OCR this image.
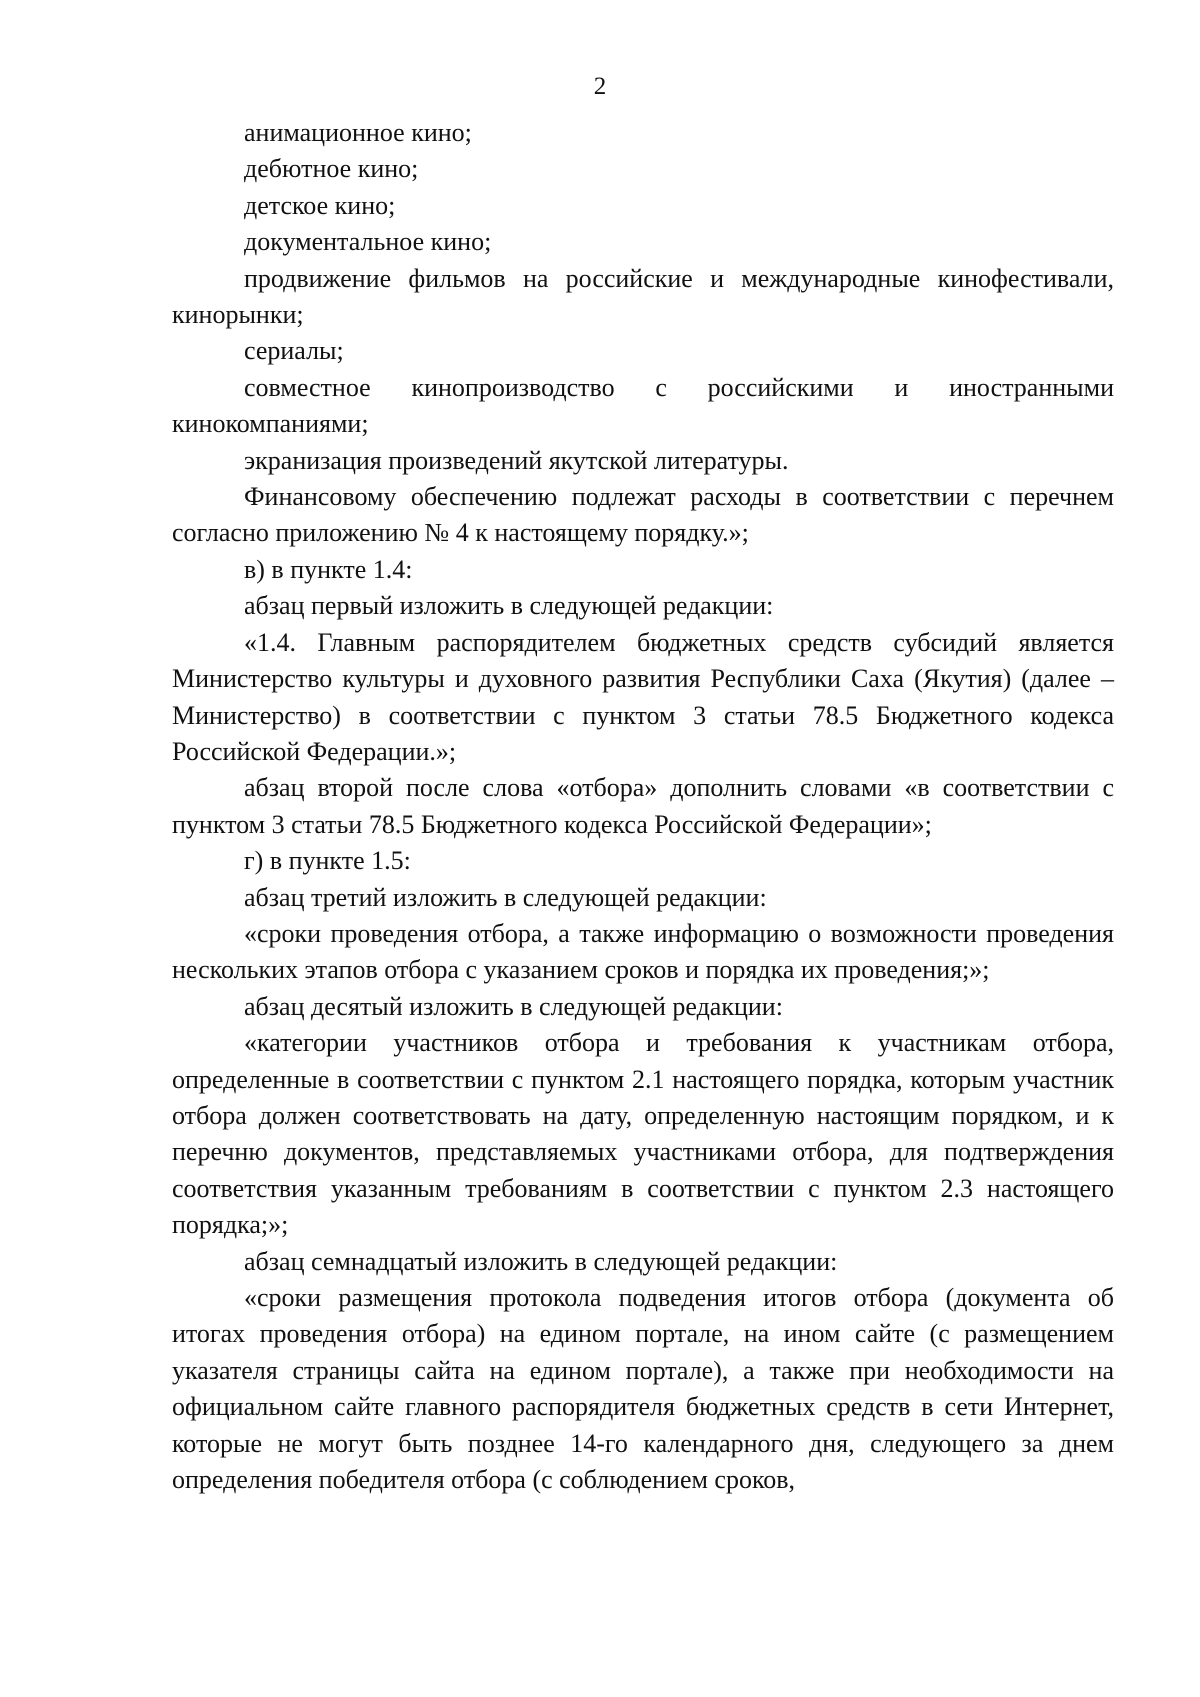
2

анимационное кино;

дебютное кино;

детское кино;

документальное кино;

продвижение фильмов на российские и международные кинофестивали, кинорынки;

сериалы;

совместное кинопроизводство с российскими и иностранными кинокомпаниями;

экранизация произведений якутской литературы.

Финансовому обеспечению подлежат расходы в соответствии с перечнем согласно приложению № 4 к настоящему порядку.»;

в) в пункте 1.4:

абзац первый изложить в следующей редакции:

«1.4. Главным распорядителем бюджетных средств субсидий является Министерство культуры и духовного развития Республики Саха (Якутия) (далее – Министерство) в соответствии с пунктом 3 статьи 78.5 Бюджетного кодекса Российской Федерации.»;

абзац второй после слова «отбора» дополнить словами «в соответствии с пунктом 3 статьи 78.5 Бюджетного кодекса Российской Федерации»;

г) в пункте 1.5:

абзац третий изложить в следующей редакции:

«сроки проведения отбора, а также информацию о возможности проведения нескольких этапов отбора с указанием сроков и порядка их проведения;»;

абзац десятый изложить в следующей редакции:

«категории участников отбора и требования к участникам отбора, определенные в соответствии с пунктом 2.1 настоящего порядка, которым участник отбора должен соответствовать на дату, определенную настоящим порядком, и к перечню документов, представляемых участниками отбора, для подтверждения соответствия указанным требованиям в соответствии с пунктом 2.3 настоящего порядка;»;

абзац семнадцатый изложить в следующей редакции:

«сроки размещения протокола подведения итогов отбора (документа об итогах проведения отбора) на едином портале, на ином сайте (с размещением указателя страницы сайта на едином портале), а также при необходимости на официальном сайте главного распорядителя бюджетных средств в сети Интернет, которые не могут быть позднее 14-го календарного дня, следующего за днем определения победителя отбора (с соблюдением сроков,
